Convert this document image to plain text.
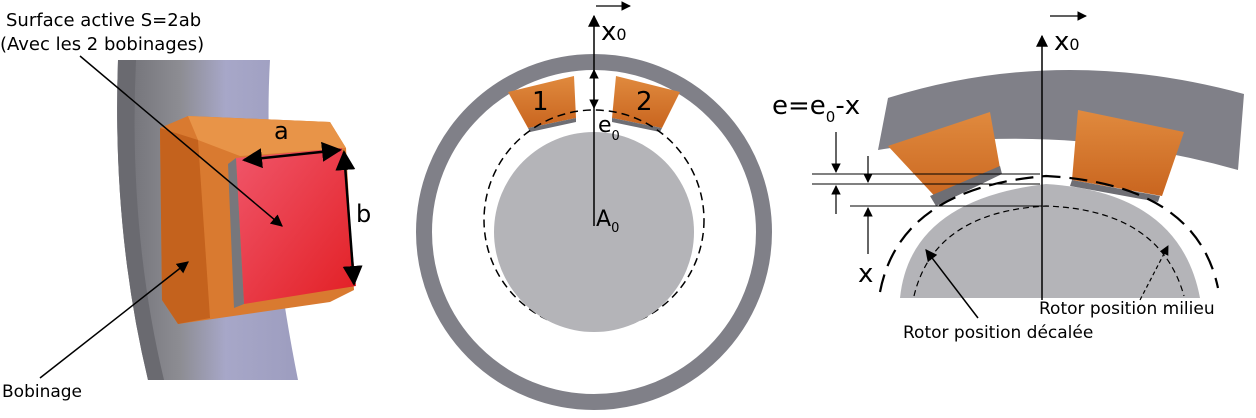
a
b
Surface active S=2ab
(Avec les 2 bobinages)
Bobinage
1	2
x0
$e_0$
$A_0$
x0
$e=e_0-x$
x
Rotor position milieu
Rotor position décalée
